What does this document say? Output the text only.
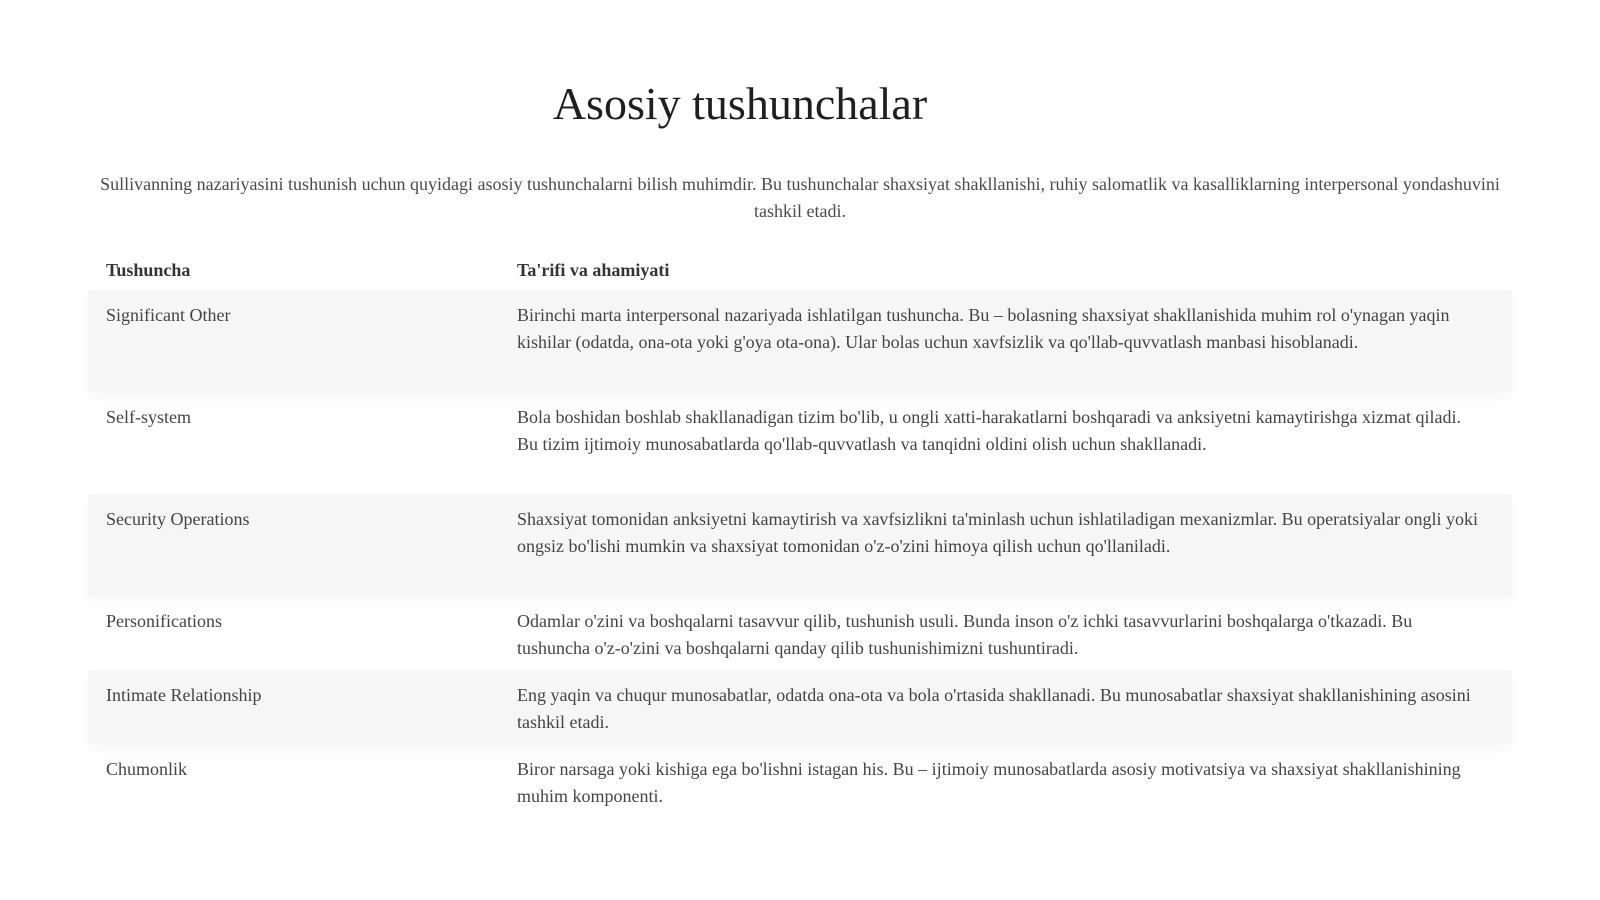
Asosiy tushunchalar

Sullivanning nazariyasini tushunish uchun quyidagi asosiy tushunchalarni bilish muhimdir. Bu tushunchalar shaxsiyat shakllanishi, ruhiy salomatlik va kasalliklarning interpersonal yondashuvini tashkil etadi.

Tushuncha	Ta'rifi va ahamiyati
Significant Other	Birinchi marta interpersonal nazariyada ishlatilgan tushuncha. Bu – bolasning shaxsiyat shakllanishida muhim rol o'ynagan yaqin kishilar (odatda, ona-ota yoki g'oya ota-ona). Ular bolas uchun xavfsizlik va qo'llab-quvvatlash manbasi hisoblanadi.
Self-system	Bola boshidan boshlab shakllanadigan tizim bo'lib, u ongli xatti-harakatlarni boshqaradi va anksiyetni kamaytirishga xizmat qiladi. Bu tizim ijtimoiy munosabatlarda qo'llab-quvvatlash va tanqidni oldini olish uchun shakllanadi.
Security Operations	Shaxsiyat tomonidan anksiyetni kamaytirish va xavfsizlikni ta'minlash uchun ishlatiladigan mexanizmlar. Bu operatsiyalar ongli yoki ongsiz bo'lishi mumkin va shaxsiyat tomonidan o'z-o'zini himoya qilish uchun qo'llaniladi.
Personifications	Odamlar o'zini va boshqalarni tasavvur qilib, tushunish usuli. Bunda inson o'z ichki tasavvurlarini boshqalarga o'tkazadi. Bu tushuncha o'z-o'zini va boshqalarni qanday qilib tushunishimizni tushuntiradi.
Intimate Relationship	Eng yaqin va chuqur munosabatlar, odatda ona-ota va bola o'rtasida shakllanadi. Bu munosabatlar shaxsiyat shakllanishining asosini tashkil etadi.
Chumonlik	Biror narsaga yoki kishiga ega bo'lishni istagan his. Bu – ijtimoiy munosabatlarda asosiy motivatsiya va shaxsiyat shakllanishining muhim komponenti.
